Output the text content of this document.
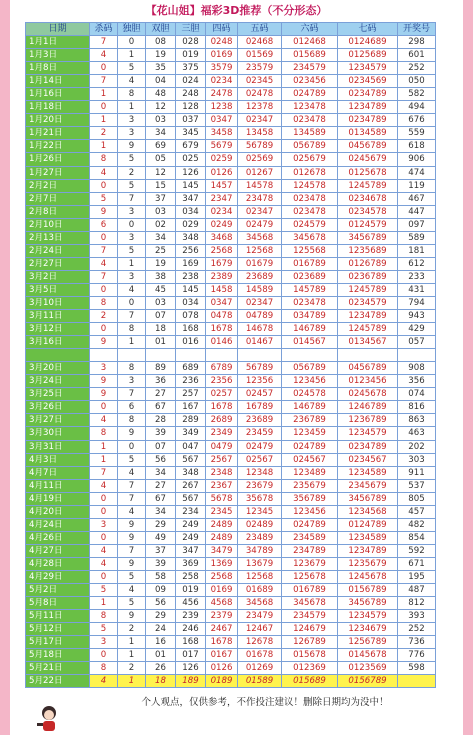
【花山姐】福彩3D推荐（不分形态）
日期	杀码	独胆	双胆	三胆	四码	五码	六码	七码	开奖号
1月1日	7	0	08	028	0248	02468	012468	0124689	298
1月3日	4	1	19	019	0169	01569	015689	0125689	601
1月8日	0	5	35	375	3579	23579	234579	1234579	252
1月14日	7	4	04	024	0234	02345	023456	0234569	050
1月16日	1	8	48	248	2478	02478	024789	0234789	582
1月18日	0	1	12	128	1238	12378	123478	1234789	494
1月20日	1	3	03	037	0347	02347	023478	0234789	676
1月21日	2	3	34	345	3458	13458	134589	0134589	559
1月22日	1	9	69	679	5679	56789	056789	0456789	618
1月26日	8	5	05	025	0259	02569	025679	0245679	906
1月27日	4	2	12	126	0126	01267	012678	0125678	474
2月2日	0	5	15	145	1457	14578	124578	1245789	119
2月7日	5	7	37	347	2347	23478	023478	0234678	467
2月8日	9	3	03	034	0234	02347	023478	0234578	447
2月10日	6	0	02	029	0249	02479	024579	0124579	097
2月13日	0	3	34	348	3468	34568	345678	3456789	589
2月24日	7	5	25	256	2568	12568	125568	1235689	181
2月27日	4	1	19	169	1679	01679	016789	0126789	612
3月2日	7	3	38	238	2389	23689	023689	0236789	233
3月5日	0	4	45	145	1458	14589	145789	1245789	431
3月10日	8	0	03	034	0347	02347	023478	0234579	794
3月11日	2	7	07	078	0478	04789	034789	1234789	943
3月12日	0	8	18	168	1678	14678	146789	1245789	429
3月16日	9	1	01	016	0146	01467	014567	0134567	057

3月20日	3	8	89	689	6789	56789	056789	0456789	908
3月24日	9	3	36	236	2356	12356	123456	0123456	356
3月25日	9	7	27	257	0257	02457	024578	0245678	074
3月26日	0	6	67	167	1678	16789	146789	1246789	816
3月27日	4	8	28	289	2689	23689	236789	1236789	863
3月30日	8	9	39	349	2349	23459	123459	1234579	463
3月31日	1	0	07	047	0479	02479	024789	0234789	202
4月3日	1	5	56	567	2567	02567	024567	0234567	303
4月7日	7	4	34	348	2348	12348	123489	1234589	911
4月11日	4	7	27	267	2367	23679	235679	2345679	537
4月19日	0	7	67	567	5678	35678	356789	3456789	805
4月20日	0	4	34	234	2345	12345	123456	1234568	457
4月24日	3	9	29	249	2489	02489	024789	0124789	482
4月26日	0	9	49	249	2489	23489	234589	1234589	854
4月27日	4	7	37	347	3479	34789	234789	1234789	592
4月28日	4	9	39	369	1369	13679	123679	1235679	671
4月29日	0	5	58	258	2568	12568	125678	1245678	195
5月2日	5	4	09	019	0169	01689	016789	0156789	487
5月8日	1	5	56	456	4568	34568	345678	3456789	812
5月11日	8	9	29	239	2379	23479	234579	1234579	393
5月12日	5	2	24	246	2467	12467	124679	1234679	252
5月17日	3	1	16	168	1678	12678	126789	1256789	736
5月18日	0	1	01	017	0167	01678	015678	0145678	776
5月21日	8	2	26	126	0126	01269	012369	0123569	598
5月22日	4	1	18	189	0189	01589	015689	0156789	
个人观点，仅供参考，不作投注建议！删除日期均为没中！
